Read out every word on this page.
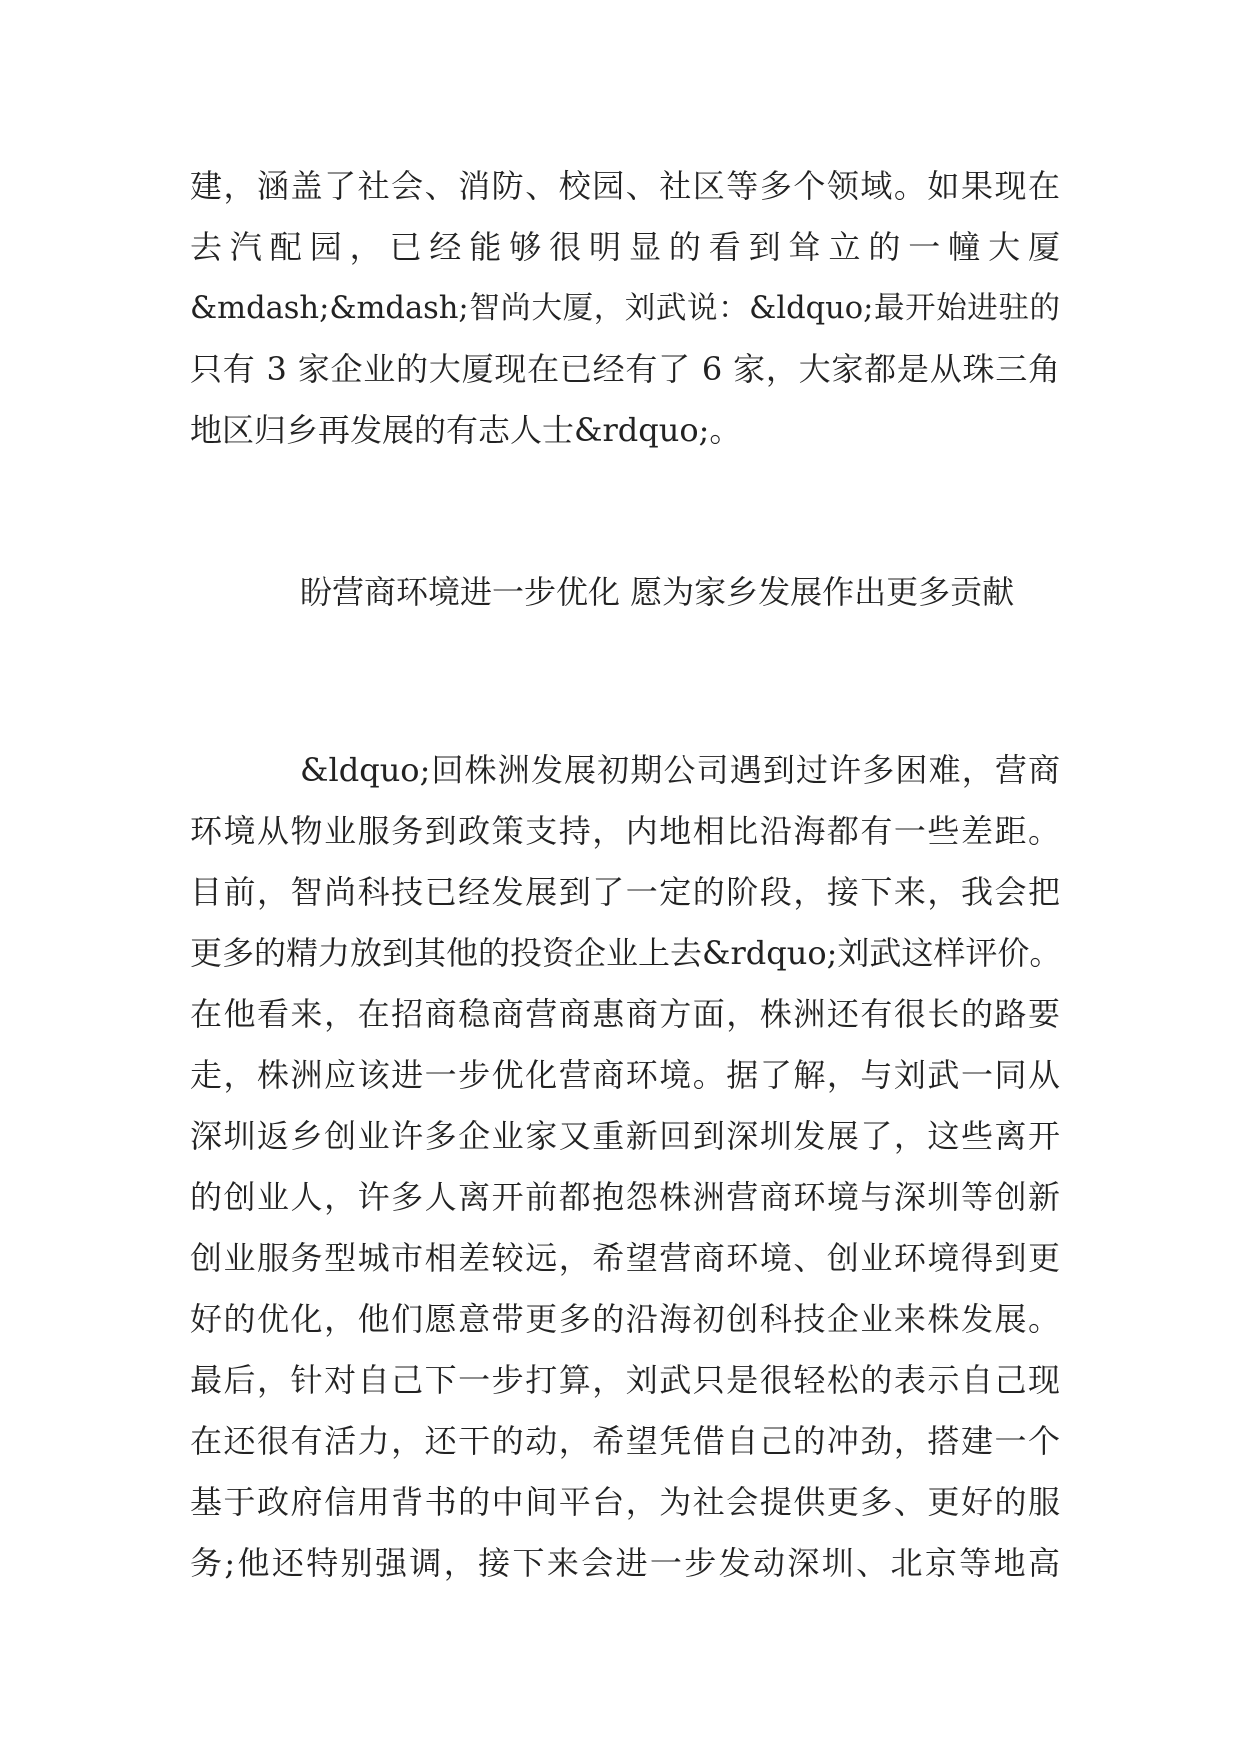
建，涵盖了社会、消防、校园、社区等多个领域。如果现在
去汽配园，已经能够很明显的看到耸立的一幢大厦
&mdash;&mdash;智尚大厦，刘武说：&ldquo;最开始进驻的
只有 3 家企业的大厦现在已经有了 6 家，大家都是从珠三角
地区归乡再发展的有志人士&rdquo;。
盼营商环境进一步优化 愿为家乡发展作出更多贡献
&ldquo;回株洲发展初期公司遇到过许多困难，营商
环境从物业服务到政策支持，内地相比沿海都有一些差距。
目前，智尚科技已经发展到了一定的阶段，接下来，我会把
更多的精力放到其他的投资企业上去&rdquo;刘武这样评价。
在他看来，在招商稳商营商惠商方面，株洲还有很长的路要
走，株洲应该进一步优化营商环境。据了解，与刘武一同从
深圳返乡创业许多企业家又重新回到深圳发展了，这些离开
的创业人，许多人离开前都抱怨株洲营商环境与深圳等创新
创业服务型城市相差较远，希望营商环境、创业环境得到更
好的优化，他们愿意带更多的沿海初创科技企业来株发展。
最后，针对自己下一步打算，刘武只是很轻松的表示自己现
在还很有活力，还干的动，希望凭借自己的冲劲，搭建一个
基于政府信用背书的中间平台，为社会提供更多、更好的服
务;他还特别强调，接下来会进一步发动深圳、北京等地高
